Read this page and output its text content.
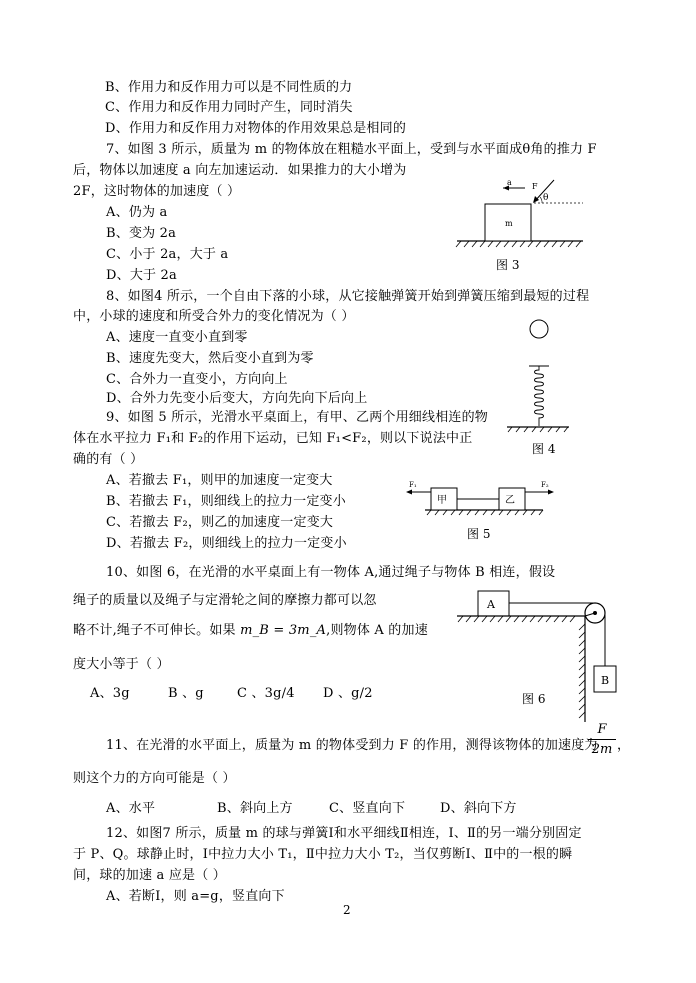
B、作用力和反作用力可以是不同性质的力
C、作用力和反作用力同时产生，同时消失
D、作用力和反作用力对物体的作用效果总是相同的
7、如图 3 所示，质量为 m 的物体放在粗糙水平面上，受到与水平面成θ角的推力 F
后，物体以加速度 a 向左加速运动．如果推力的大小增为
2F，这时物体的加速度（ ）
A、仍为 a
B、变为 2a
C、小于 2a，大于 a
D、大于 2a
m
a	F
θ
图 3
8、如图4 所示，一个自由下落的小球，从它接触弹簧开始到弹簧压缩到最短的过程
中，小球的速度和所受合外力的变化情况为（ ）
A、速度一直变小直到零
B、速度先变大，然后变小直到为零
C、合外力一直变小，方向向上
D、合外力先变小后变大，方向先向下后向上
图 4
9、如图 5 所示，光滑水平桌面上，有甲、乙两个用细线相连的物
体在水平拉力 F₁和 F₂的作用下运动，已知 F₁<F₂，则以下说法中正
确的有（ ）
A、若撤去 F₁，则甲的加速度一定变大
B、若撤去 F₁，则细线上的拉力一定变小
C、若撤去 F₂，则乙的加速度一定变大
D、若撤去 F₂，则细线上的拉力一定变小
甲	乙
F₁	F₂
图 5
10、如图 6，在光滑的水平桌面上有一物体 A,通过绳子与物体 B 相连，假设
绳子的质量以及绳子与定滑轮之间的摩擦力都可以忽
略不计,绳子不可伸长。如果 m_B = 3m_A,则物体 A 的加速
度大小等于（ ）
A、3g	B 、g	C 、3g/4 D 、g/2
A
B
图 6
11、在光滑的水平面上，质量为 m 的物体受到力 F 的作用，测得该物体的加速度为
F
2m ，
则这个力的方向可能是（ ）
A、水平	B、斜向上方	C、竖直向下	D、斜向下方
12、如图7 所示，质量 m 的球与弹簧Ⅰ和水平细线Ⅱ相连，Ⅰ、Ⅱ的另一端分别固定
于 P、Q。球静止时，Ⅰ中拉力大小 T₁，Ⅱ中拉力大小 T₂，当仅剪断Ⅰ、Ⅱ中的一根的瞬
间，球的加速 a 应是（ ）
A、若断Ⅰ，则 a=g，竖直向下
2
